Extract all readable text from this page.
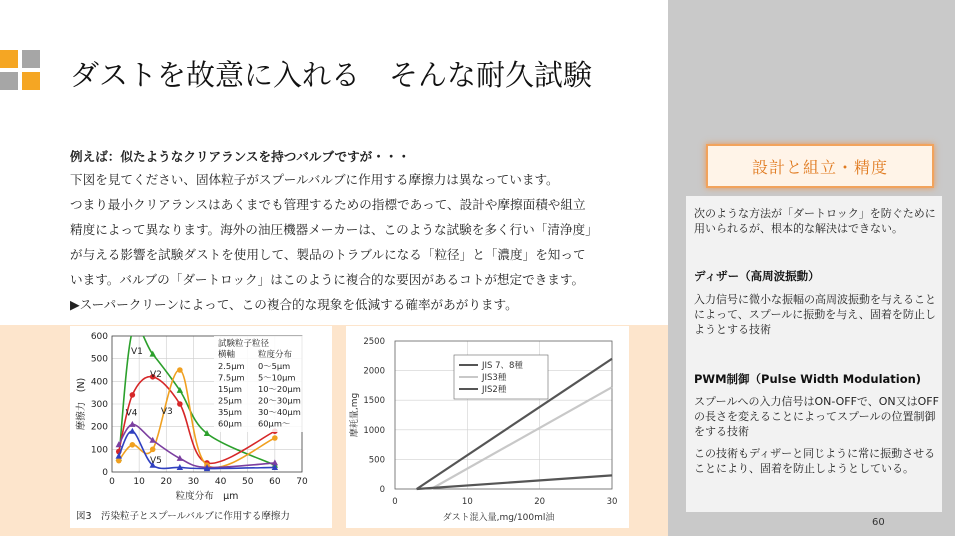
設計と組立・精度
次のような方法が「ダートロック」を防ぐために用いられるが、根本的な解決はできない。
ディザー（高周波振動）
入力信号に微小な振幅の高周波振動を与えることによって、スプールに振動を与え、固着を防止しようとする技術
PWM制御（Pulse Width Modulation)
スプールへの入力信号はON-OFFで、ON又はOFFの長さを変えることによってスプールの位置制御をする技術
この技術もディザーと同じように常に振動させることにより、固着を防止しようとしている。
60
ダストを故意に入れる　そんな耐久試験
例えば：似たようなクリアランスを持つバルブですが・・・
下図を見てください、固体粒子がスプールバルブに作用する摩擦力は異なっています。
つまり最小クリアランスはあくまでも管理するための指標であって、設計や摩擦面積や組立
精度によって異なります。海外の油圧機器メーカーは、このような試験を多く行い「清浄度」
が与える影響を試験ダストを使用して、製品のトラブルになる「粒径」と「濃度」を知って
います。バルブの「ダートロック」はこのように複合的な要因があるコトが想定できます。
▶スーパークリーンによって、この複合的な現象を低減する確率があがります。
0
100
200
300
400
500
600
0 10 20 30 40 50 60 70
粒度分布　μm
摩擦力　(N)
V1
V2
V3
V4
V5
試験粒子粒径
横軸	粒度分布
2.5μm 0〜5μm
7.5μm 5〜10μm
15μm 10〜20μm
25μm 20〜30μm
35μm 30〜40μm
60μm 60μm〜
図3　汚染粒子とスプールバルブに作用する摩擦力
0
500
1000
1500
2000
2500
0	10	20	30
ダスト混入量,mg/100ml油
摩耗量,mg
JIS 7、8種
JIS3種
JIS2種
